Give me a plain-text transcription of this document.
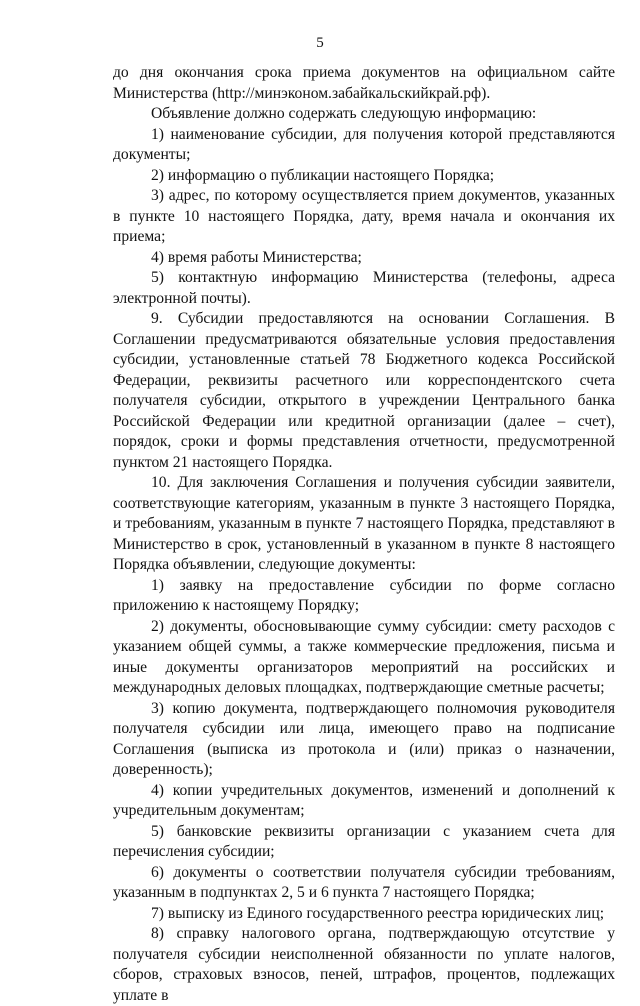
5

до дня окончания срока приема документов на официальном сайте Министерства (http://минэконом.забайкальскийкрай.рф).

Объявление должно содержать следующую информацию:

1) наименование субсидии, для получения которой представляются документы;

2) информацию о публикации настоящего Порядка;

3) адрес, по которому осуществляется прием документов, указанных в пункте 10 настоящего Порядка, дату, время начала и окончания их приема;

4) время работы Министерства;

5) контактную информацию Министерства (телефоны, адреса электронной почты).

9. Субсидии предоставляются на основании Соглашения. В Соглашении предусматриваются обязательные условия предоставления субсидии, установленные статьей 78 Бюджетного кодекса Российской Федерации, реквизиты расчетного или корреспондентского счета получателя субсидии, открытого в учреждении Центрального банка Российской Федерации или кредитной организации (далее – счет), порядок, сроки и формы представления отчетности, предусмотренной пунктом 21 настоящего Порядка.

10. Для заключения Соглашения и получения субсидии заявители, соответствующие категориям, указанным в пункте 3 настоящего Порядка, и требованиям, указанным в пункте 7 настоящего Порядка, представляют в Министерство в срок, установленный в указанном в пункте 8 настоящего Порядка объявлении, следующие документы:

1) заявку на предоставление субсидии по форме согласно приложению к настоящему Порядку;

2) документы, обосновывающие сумму субсидии: смету расходов с указанием общей суммы, а также коммерческие предложения, письма и иные документы организаторов мероприятий на российских и международных деловых площадках, подтверждающие сметные расчеты;

3) копию документа, подтверждающего полномочия руководителя получателя субсидии или лица, имеющего право на подписание Соглашения (выписка из протокола и (или) приказ о назначении, доверенность);

4) копии учредительных документов, изменений и дополнений к учредительным документам;

5) банковские реквизиты организации с указанием счета для перечисления субсидии;

6) документы о соответствии получателя субсидии требованиям, указанным в подпунктах 2, 5 и 6 пункта 7 настоящего Порядка;

7) выписку из Единого государственного реестра юридических лиц;

8) справку налогового органа, подтверждающую отсутствие у получателя субсидии неисполненной обязанности по уплате налогов, сборов, страховых взносов, пеней, штрафов, процентов, подлежащих уплате в
